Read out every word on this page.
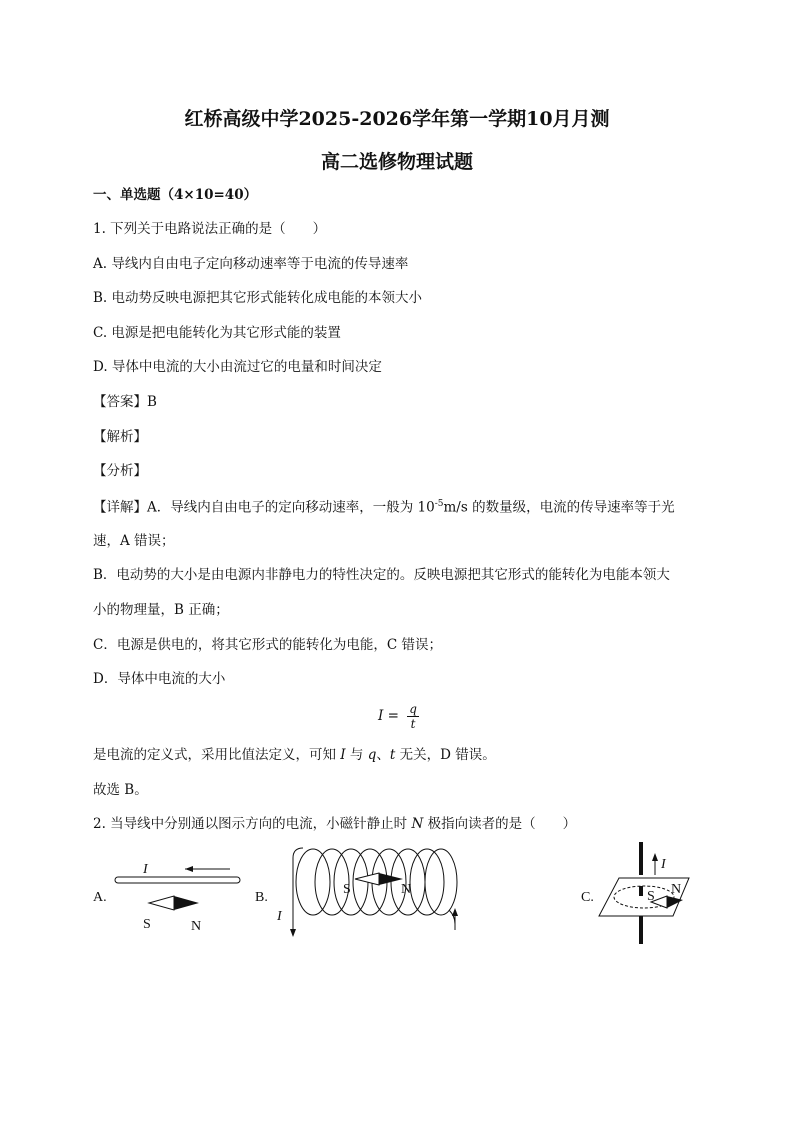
红桥高级中学2025-2026学年第一学期10月月测
高二选修物理试题
一、单选题（4×10=40）
1. 下列关于电路说法正确的是（　　）
A. 导线内自由电子定向移动速率等于电流的传导速率
B. 电动势反映电源把其它形式能转化成电能的本领大小
C. 电源是把电能转化为其它形式能的装置
D. 导体中电流的大小由流过它的电量和时间决定
【答案】B
【解析】
【分析】
【详解】A．导线内自由电子的定向移动速率，一般为 $10^{-5}m/s$ 的数量级，电流的传导速率等于光
速，A 错误；
B．电动势的大小是由电源内非静电力的特性决定的。反映电源把其它形式的能转化为电能本领大
小的物理量，B 正确；
C．电源是供电的，将其它形式的能转化为电能，C 错误；
D．导体中电流的大小
$I = \frac{q}{t}$
是电流的定义式，采用比值法定义，可知 I 与 q、t 无关，D 错误。
故选 B。
2. 当导线中分别通以图示方向的电流，小磁针静止时 N 极指向读者的是（　　）
A.
I
S	N
B.
I
S	N
C.
I
S N
